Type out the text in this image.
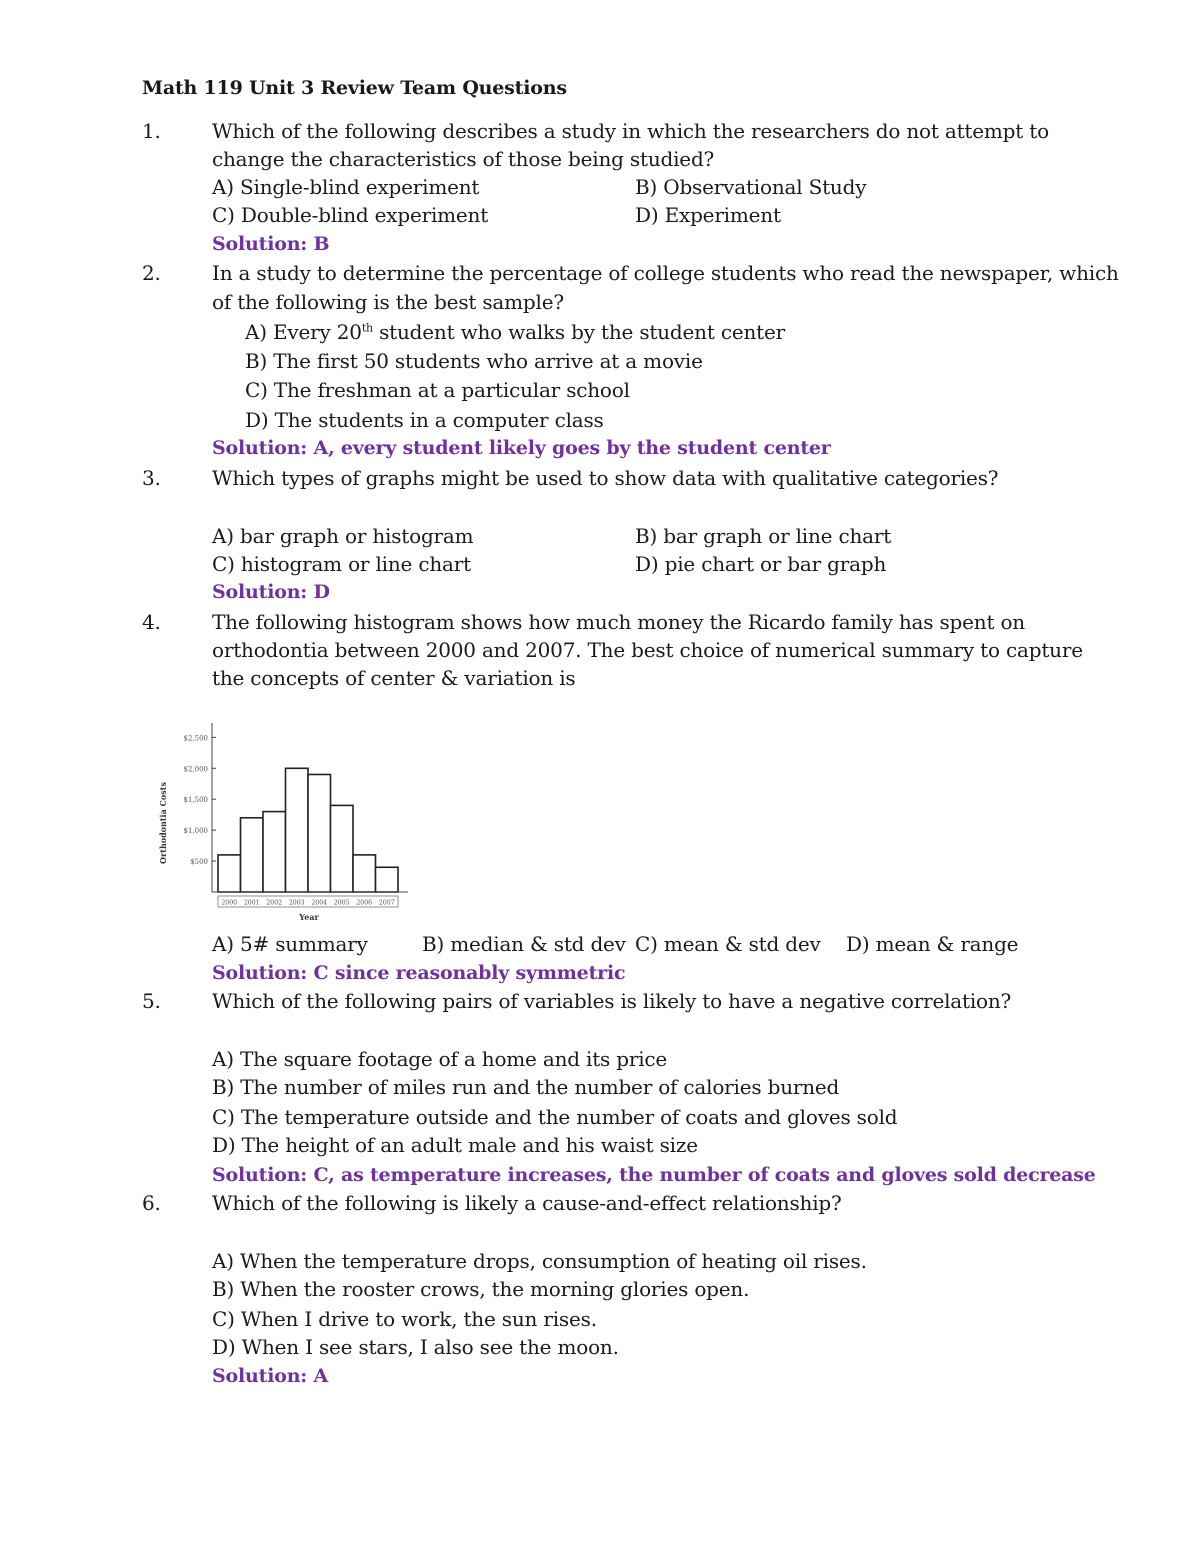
Math 119 Unit 3 Review Team Questions
1.	Which of the following describes a study in which the researchers do not attempt to
change the characteristics of those being studied?
A) Single-blind experiment	B) Observational Study
C) Double-blind experiment	D) Experiment
Solution: B
2.	In a study to determine the percentage of college students who read the newspaper, which
of the following is the best sample?
A) Every 20th student who walks by the student center
B) The first 50 students who arrive at a movie
C) The freshman at a particular school
D) The students in a computer class
Solution: A, every student likely goes by the student center
3.	Which types of graphs might be used to show data with qualitative categories?
A) bar graph or histogram	B) bar graph or line chart
C) histogram or line chart	D) pie chart or bar graph
Solution: D
4.	The following histogram shows how much money the Ricardo family has spent on
orthodontia between 2000 and 2007. The best choice of numerical summary to capture
the concepts of center & variation is
$500
$1,000
$1,500
$2,000
$2,500
2000 2001 2002 2003 2004 2005 2006 2007
Orthodontia Costs
Year
A) 5# summary	B) median & std dev C) mean & std dev D) mean & range
Solution: C since reasonably symmetric
5.	Which of the following pairs of variables is likely to have a negative correlation?
A) The square footage of a home and its price
B) The number of miles run and the number of calories burned
C) The temperature outside and the number of coats and gloves sold
D) The height of an adult male and his waist size
Solution: C, as temperature increases, the number of coats and gloves sold decrease
6.	Which of the following is likely a cause-and-effect relationship?
A) When the temperature drops, consumption of heating oil rises.
B) When the rooster crows, the morning glories open.
C) When I drive to work, the sun rises.
D) When I see stars, I also see the moon.
Solution: A
